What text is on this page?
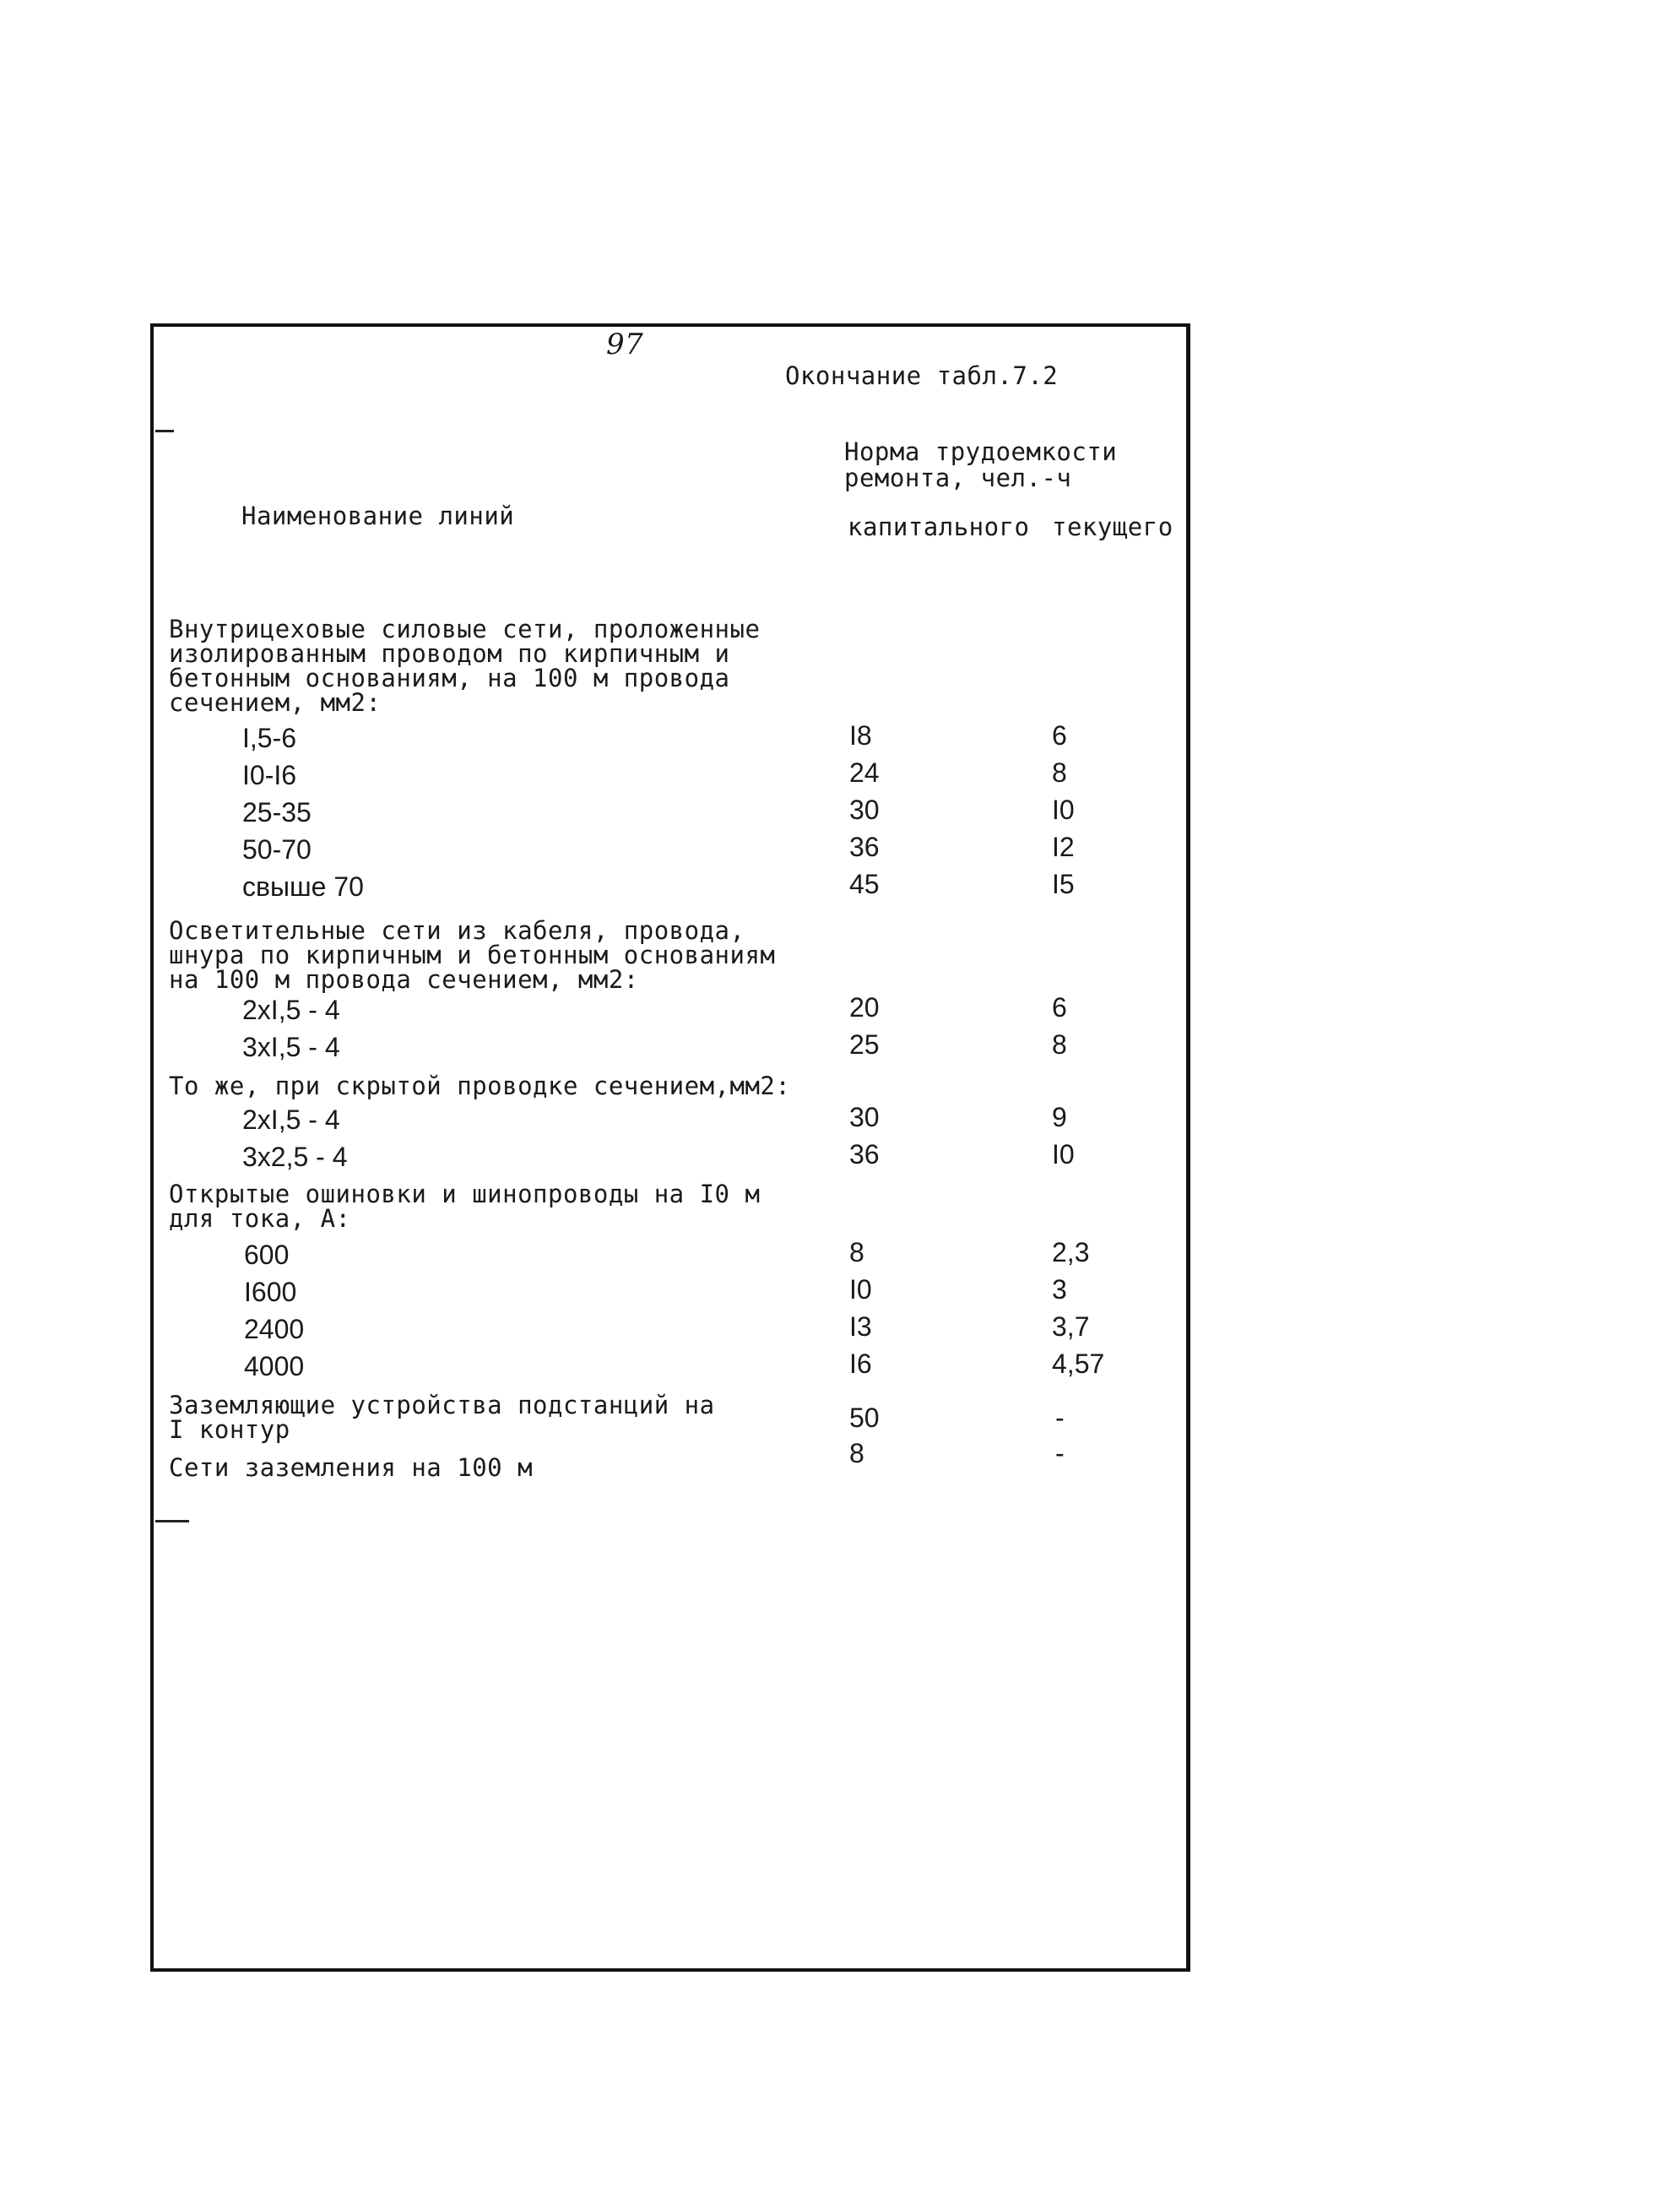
97
Окончание табл.7.2
Норма трудоемкости
ремонта, чел.-ч
Наименование линий	капитального текущего
Внутрицеховые силовые сети, проложенные
изолированным проводом по кирпичным и
бетонным основаниям, на 100 м провода
сечением, мм2:
I,5-6	I8	6
I0-I6	24	8
25-35	30	I0
50-70	36	I2
свыше 70	45	I5
Осветительные сети из кабеля, провода,
шнура по кирпичным и бетонным основаниям
на 100 м провода сечением, мм2:
2xI,5 - 4	20	6
3xI,5 - 4	25	8
То же, при скрытой проводке сечением,мм2:
2xI,5 - 4	30	9
3x2,5 - 4	36	I0
Открытые ошиновки и шинопроводы на I0 м
для тока, А:
600	8	2,3
I600	I0	3
2400	I3	3,7
4000	I6	4,57
Заземляющие устройства подстанций на
I контур	50	-
Сети заземления на 100 м	8	-
